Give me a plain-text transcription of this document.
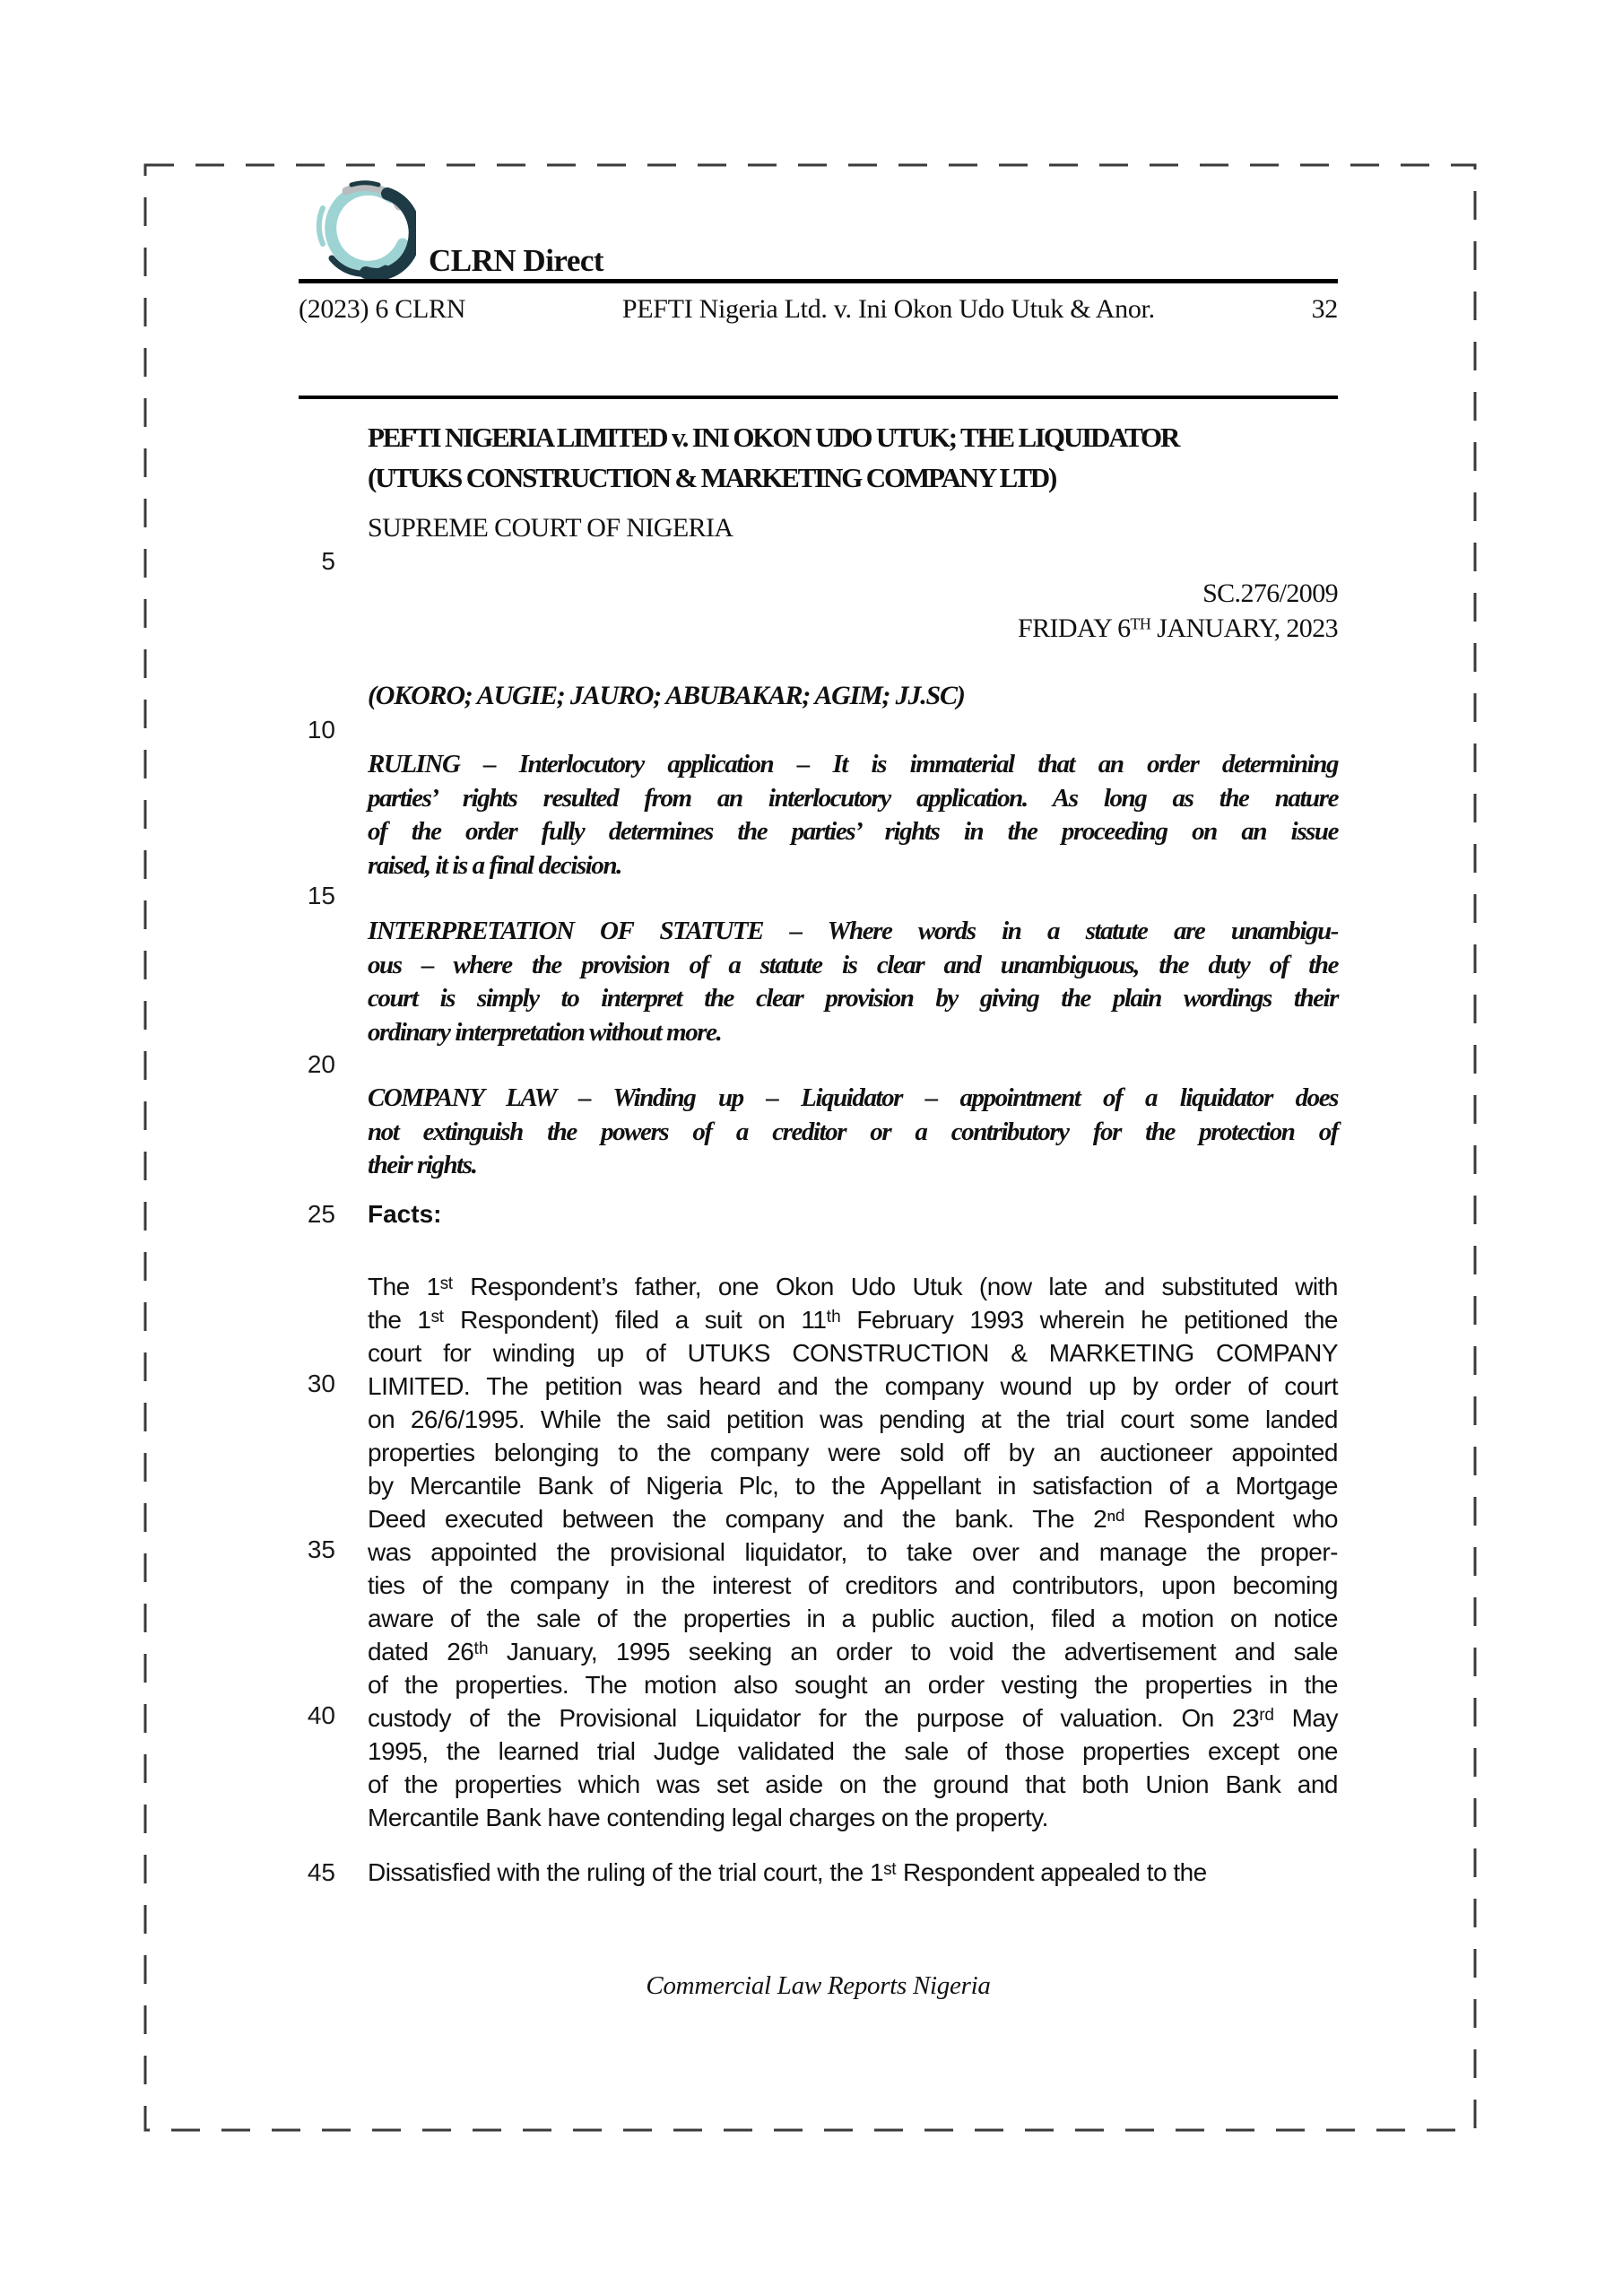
CLRN Direct
(2023) 6 CLRN	PEFTI Nigeria Ltd. v. Ini Okon Udo Utuk & Anor.	32
PEFTI NIGERIA LIMITED v. INI OKON UDO UTUK; THE LIQUIDATOR
(UTUKS CONSTRUCTION & MARKETING COMPANY LTD)
SUPREME COURT OF NIGERIA
SC.276/2009
FRIDAY 6ᵀᴴ JANUARY, 2023
(OKORO; AUGIE; JAURO; ABUBAKAR; AGIM; JJ.SC)
RULING – Interlocutory application – It is immaterial that an order determining
parties’ rights resulted from an interlocutory application. As long as the nature
of the order fully determines the parties’ rights in the proceeding on an issue
raised, it is a final decision.
INTERPRETATION OF STATUTE – Where words in a statute are unambigu-
ous – where the provision of a statute is clear and unambiguous, the duty of the
court is simply to interpret the clear provision by giving the plain wordings their
ordinary interpretation without more.
COMPANY LAW – Winding up – Liquidator – appointment of a liquidator does
not extinguish the powers of a creditor or a contributory for the protection of
their rights.
Facts:
The 1ˢᵗ Respondent’s father, one Okon Udo Utuk (now late and substituted with
the 1ˢᵗ Respondent) filed a suit on 11ᵗʰ February 1993 wherein he petitioned the
court for winding up of UTUKS CONSTRUCTION & MARKETING COMPANY
LIMITED. The petition was heard and the company wound up by order of court
on 26/6/1995. While the said petition was pending at the trial court some landed
properties belonging to the company were sold off by an auctioneer appointed
by Mercantile Bank of Nigeria Plc, to the Appellant in satisfaction of a Mortgage
Deed executed between the company and the bank. The 2ⁿᵈ Respondent who
was appointed the provisional liquidator, to take over and manage the proper-
ties of the company in the interest of creditors and contributors, upon becoming
aware of the sale of the properties in a public auction, filed a motion on notice
dated 26ᵗʰ January, 1995 seeking an order to void the advertisement and sale
of the properties. The motion also sought an order vesting the properties in the
custody of the Provisional Liquidator for the purpose of valuation. On 23ʳᵈ May
1995, the learned trial Judge validated the sale of those properties except one
of the properties which was set aside on the ground that both Union Bank and
Mercantile Bank have contending legal charges on the property.
Dissatisfied with the ruling of the trial court, the 1ˢᵗ Respondent appealed to the
5
10
15
20
25
30
35
40
45
Commercial Law Reports Nigeria
